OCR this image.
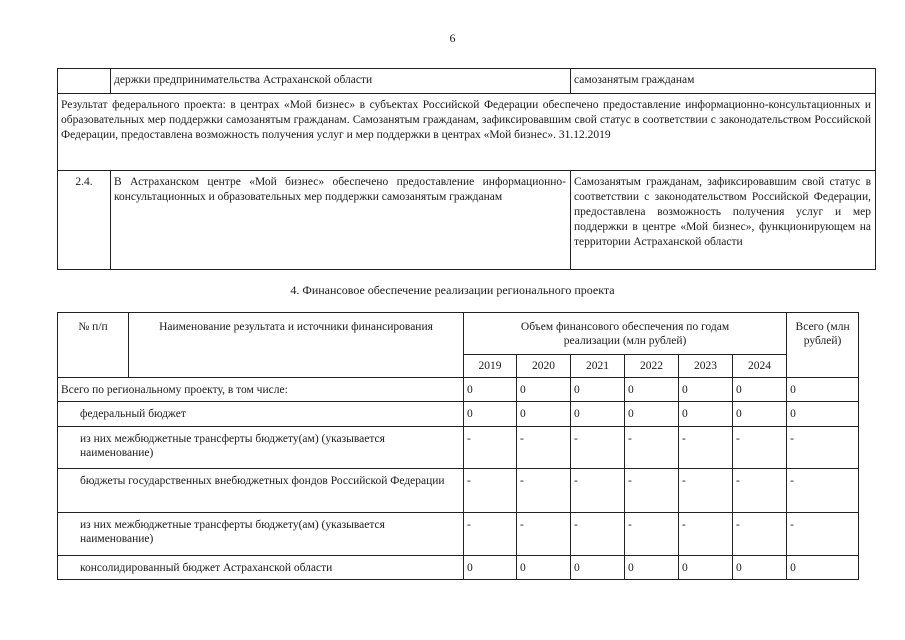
6
	держки предпринимательства Астраханской области	самозанятым гражданам
Результат федерального проекта: в центрах «Мой бизнес» в субъектах Российской Федерации обеспечено предоставление информационно-консультационных и образовательных мер поддержки самозанятым гражданам. Самозанятым гражданам, зафиксировавшим свой статус в соответствии с законодательством Российской Федерации, предоставлена возможность получения услуг и мер поддержки в центрах «Мой бизнес». 31.12.2019		
2.4.	В Астраханском центре «Мой бизнес» обеспечено предоставление информационно-консультационных и образовательных мер поддержки самозанятым гражданам	Самозанятым гражданам, зафиксировавшим свой статус в соответствии с законодательством Российской Федерации, предоставлена возможность получения услуг и мер поддержки в центре «Мой бизнес», функционирующем на территории Астраханской области
4. Финансовое обеспечение реализации регионального проекта
№ п/п	Наименование результата и источники финансирования	Объем финансового обеспечения по годам реализации (млн рублей)						Всего (млн рублей)
		2019	2020	2021	2022	2023	2024	
Всего по региональному проекту, в том числе:		0	0	0	0	0	0	0
федеральный бюджет		0	0	0	0	0	0	0
из них межбюджетные трансферты бюджету(ам) (указывается наименование)		-	-	-	-	-	-	-
бюджеты государственных внебюджетных фондов Российской Федерации		-	-	-	-	-	-	-
из них межбюджетные трансферты бюджету(ам) (указывается наименование)		-	-	-	-	-	-	-
консолидированный бюджет Астраханской области		0	0	0	0	0	0	0
